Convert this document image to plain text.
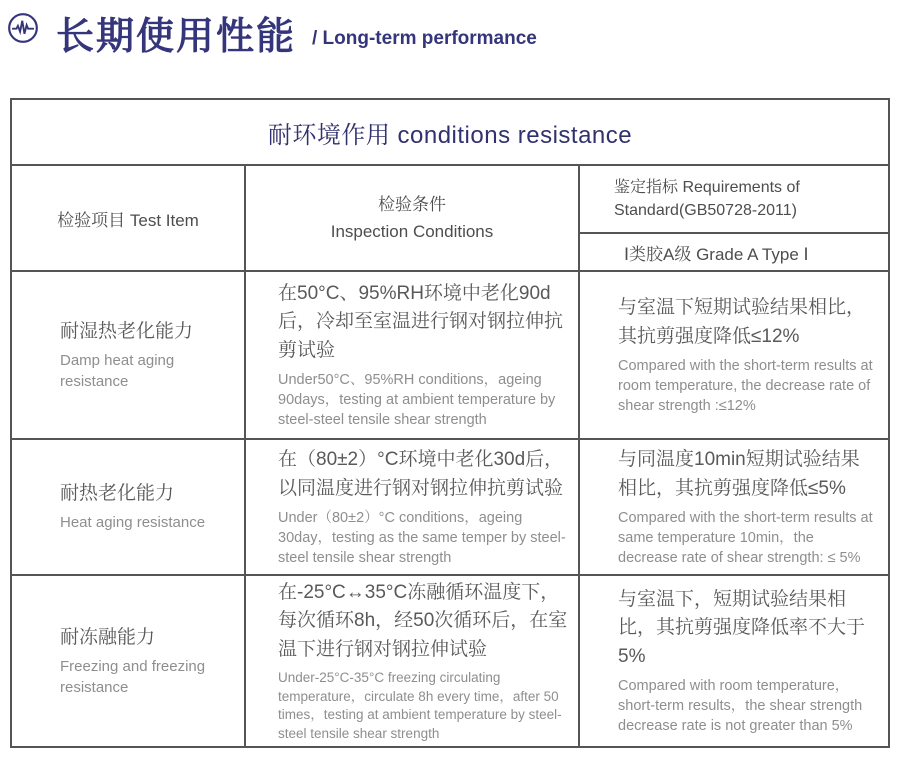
长期使用性能 / Long-term performance
耐环境作用 conditions resistance
检验项目 Test Item
检验条件
Inspection Conditions
鉴定指标 Requirements of Standard(GB50728-2011)
Ⅰ类胶A级 Grade A Type Ⅰ
耐湿热老化能力
Damp heat aging resistance
在50°C、95%RH环境中老化90d后，冷却至室温进行钢对钢拉伸抗剪试验
Under50°C、95%RH conditions，ageing 90days，testing at ambient temperature by steel-steel tensile shear strength
与室温下短期试验结果相比，其抗剪强度降低≤12%
Compared with the short-term results at room temperature, the decrease rate of shear strength :≤12%
耐热老化能力
Heat aging resistance
在（80±2）°C环境中老化30d后，以同温度进行钢对钢拉伸抗剪试验
Under（80±2）°C conditions，ageing 30day，testing as the same temper by steel-steel tensile shear strength
与同温度10min短期试验结果相比，其抗剪强度降低≤5%
Compared with the short-term results at same temperature 10min，the decrease rate of shear strength: ≤ 5%
耐冻融能力
Freezing and freezing resistance
在-25°C↔35°C冻融循环温度下，每次循环8h，经50次循环后，在室温下进行钢对钢拉伸试验
Under-25°C-35°C freezing circulating temperature，circulate 8h every time，after 50 times，testing at ambient temperature by steel-steel tensile shear strength
与室温下，短期试验结果相比，其抗剪强度降低率不大于5%
Compared with room temperature，short-term results，the shear strength decrease rate is not greater than 5%
